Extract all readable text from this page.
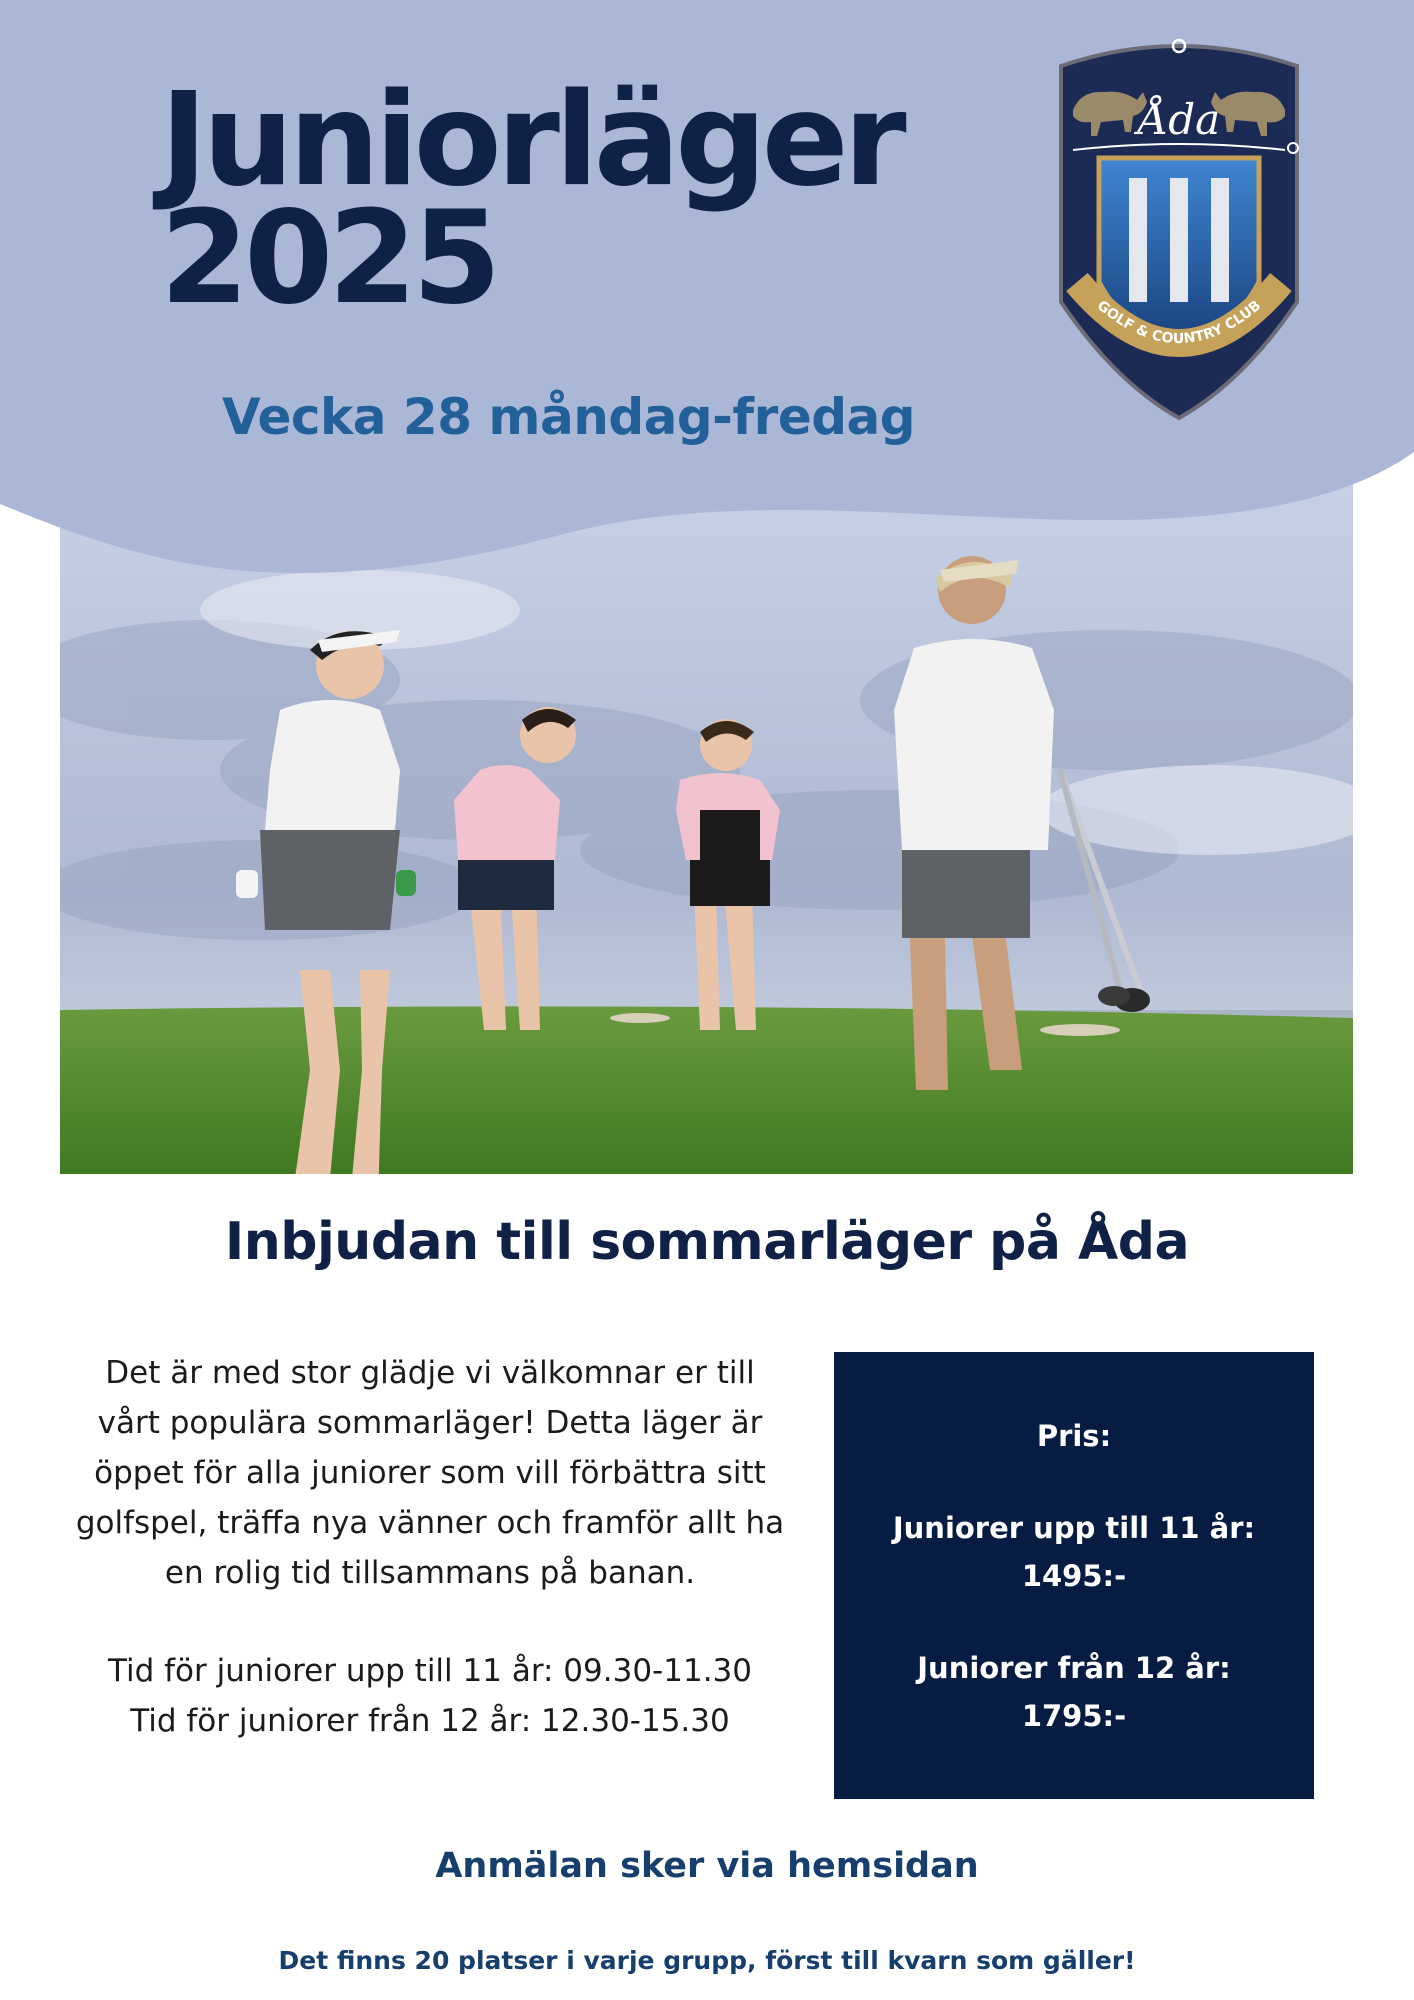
Juniorläger
2025
Vecka 28 måndag-fredag
Åda
GOLF & COUNTRY CLUB
Inbjudan till sommarläger på Åda
Det är med stor glädje vi välkomnar er till
vårt populära sommarläger! Detta läger är
öppet för alla juniorer som vill förbättra sitt
golfspel, träffa nya vänner och framför allt ha
en rolig tid tillsammans på banan.
Tid för juniorer upp till 11 år: 09.30-11.30
Tid för juniorer från 12 år: 12.30-15.30
Pris:
Juniorer upp till 11 år:
1495:-
Juniorer från 12 år:
1795:-
Anmälan sker via hemsidan
Det finns 20 platser i varje grupp, först till kvarn som gäller!
